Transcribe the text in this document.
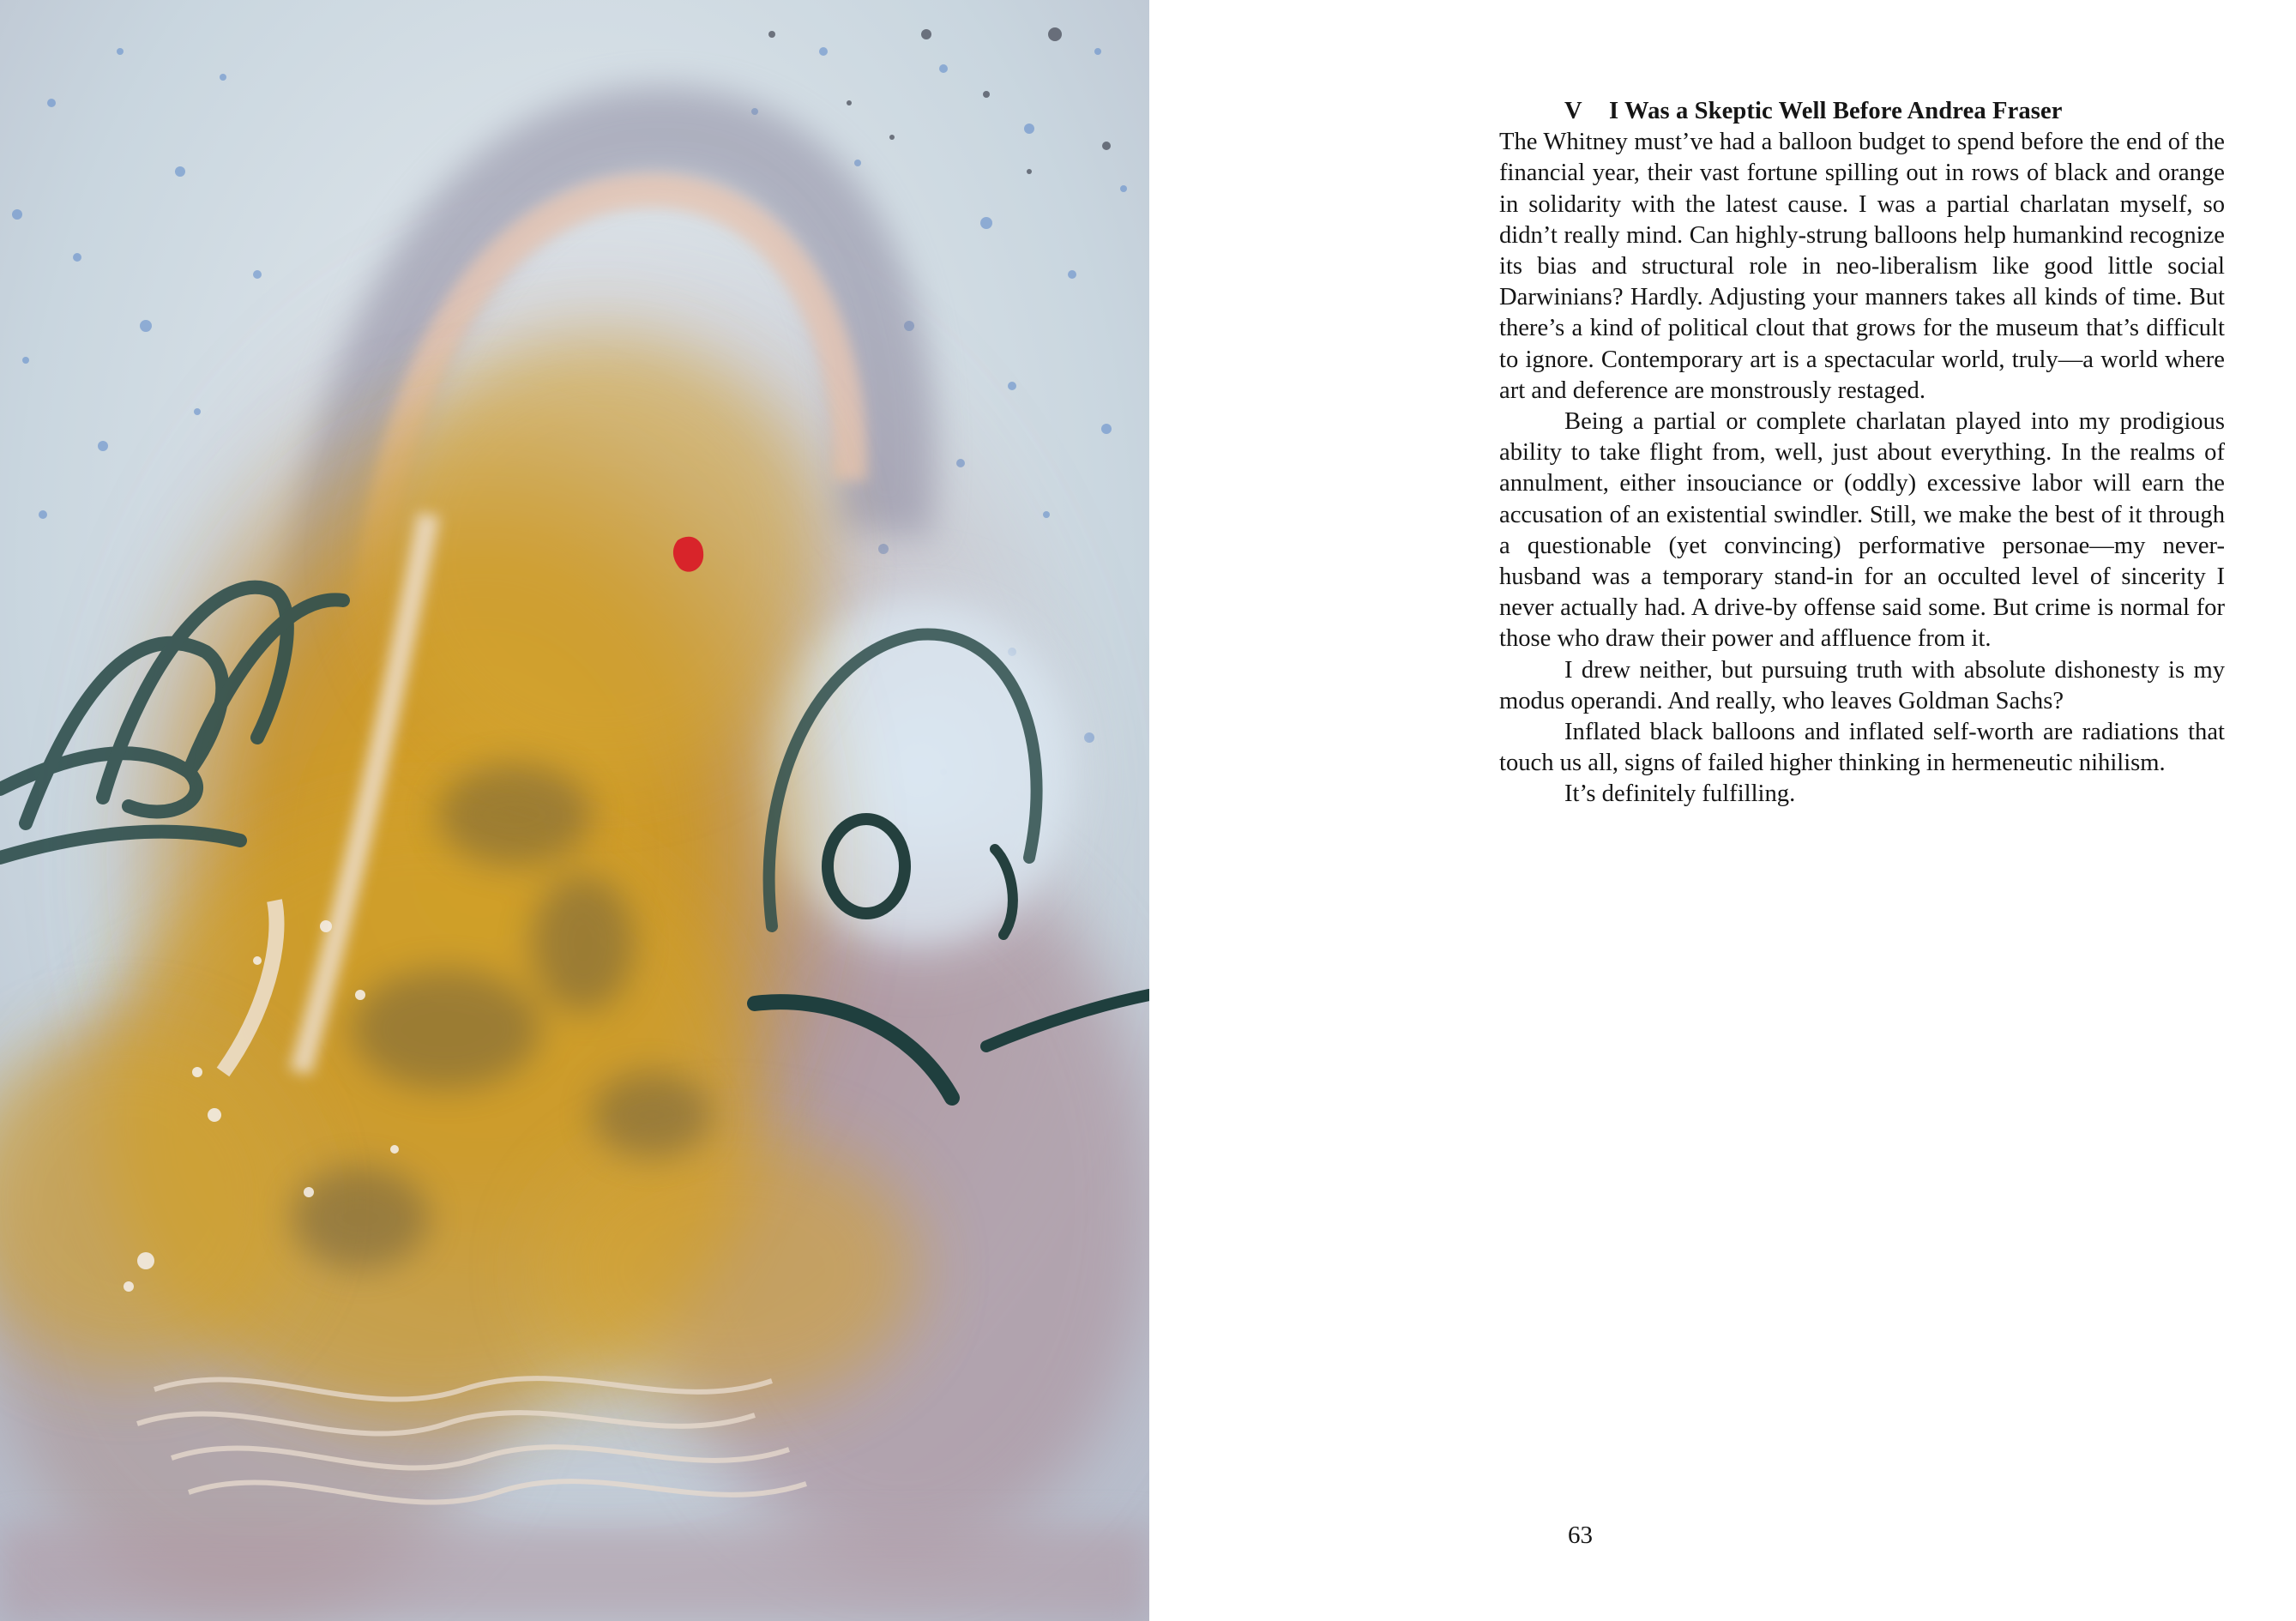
V I Was a Skeptic Well Before Andrea Fraser

The Whitney must’ve had a balloon budget to spend before the end of the financial year, their vast fortune spilling out in rows of black and orange in solidarity with the latest cause. I was a partial charlatan myself, so didn’t really mind. Can highly-strung balloons help humankind recognize its bias and structural role in neo-liberalism like good little social Darwinians? Hardly. Adjusting your manners takes all kinds of time. But there’s a kind of political clout that grows for the museum that’s difficult to ignore. Contemporary art is a spectacular world, truly—a world where art and deference are monstrously restaged.

Being a partial or complete charlatan played into my prodigious ability to take flight from, well, just about everything. In the realms of annulment, either insouciance or (oddly) excessive labor will earn the accusation of an existential swindler. Still, we make the best of it through a questionable (yet convincing) performative personae—my never-husband was a temporary stand-in for an occulted level of sincerity I never actually had. A drive-by offense said some. But crime is normal for those who draw their power and affluence from it.

I drew neither, but pursuing truth with absolute dishonesty is my modus operandi. And really, who leaves Goldman Sachs?

Inflated black balloons and inflated self-worth are radiations that touch us all, signs of failed higher thinking in hermeneutic nihilism.

It’s definitely fulfilling.

63
